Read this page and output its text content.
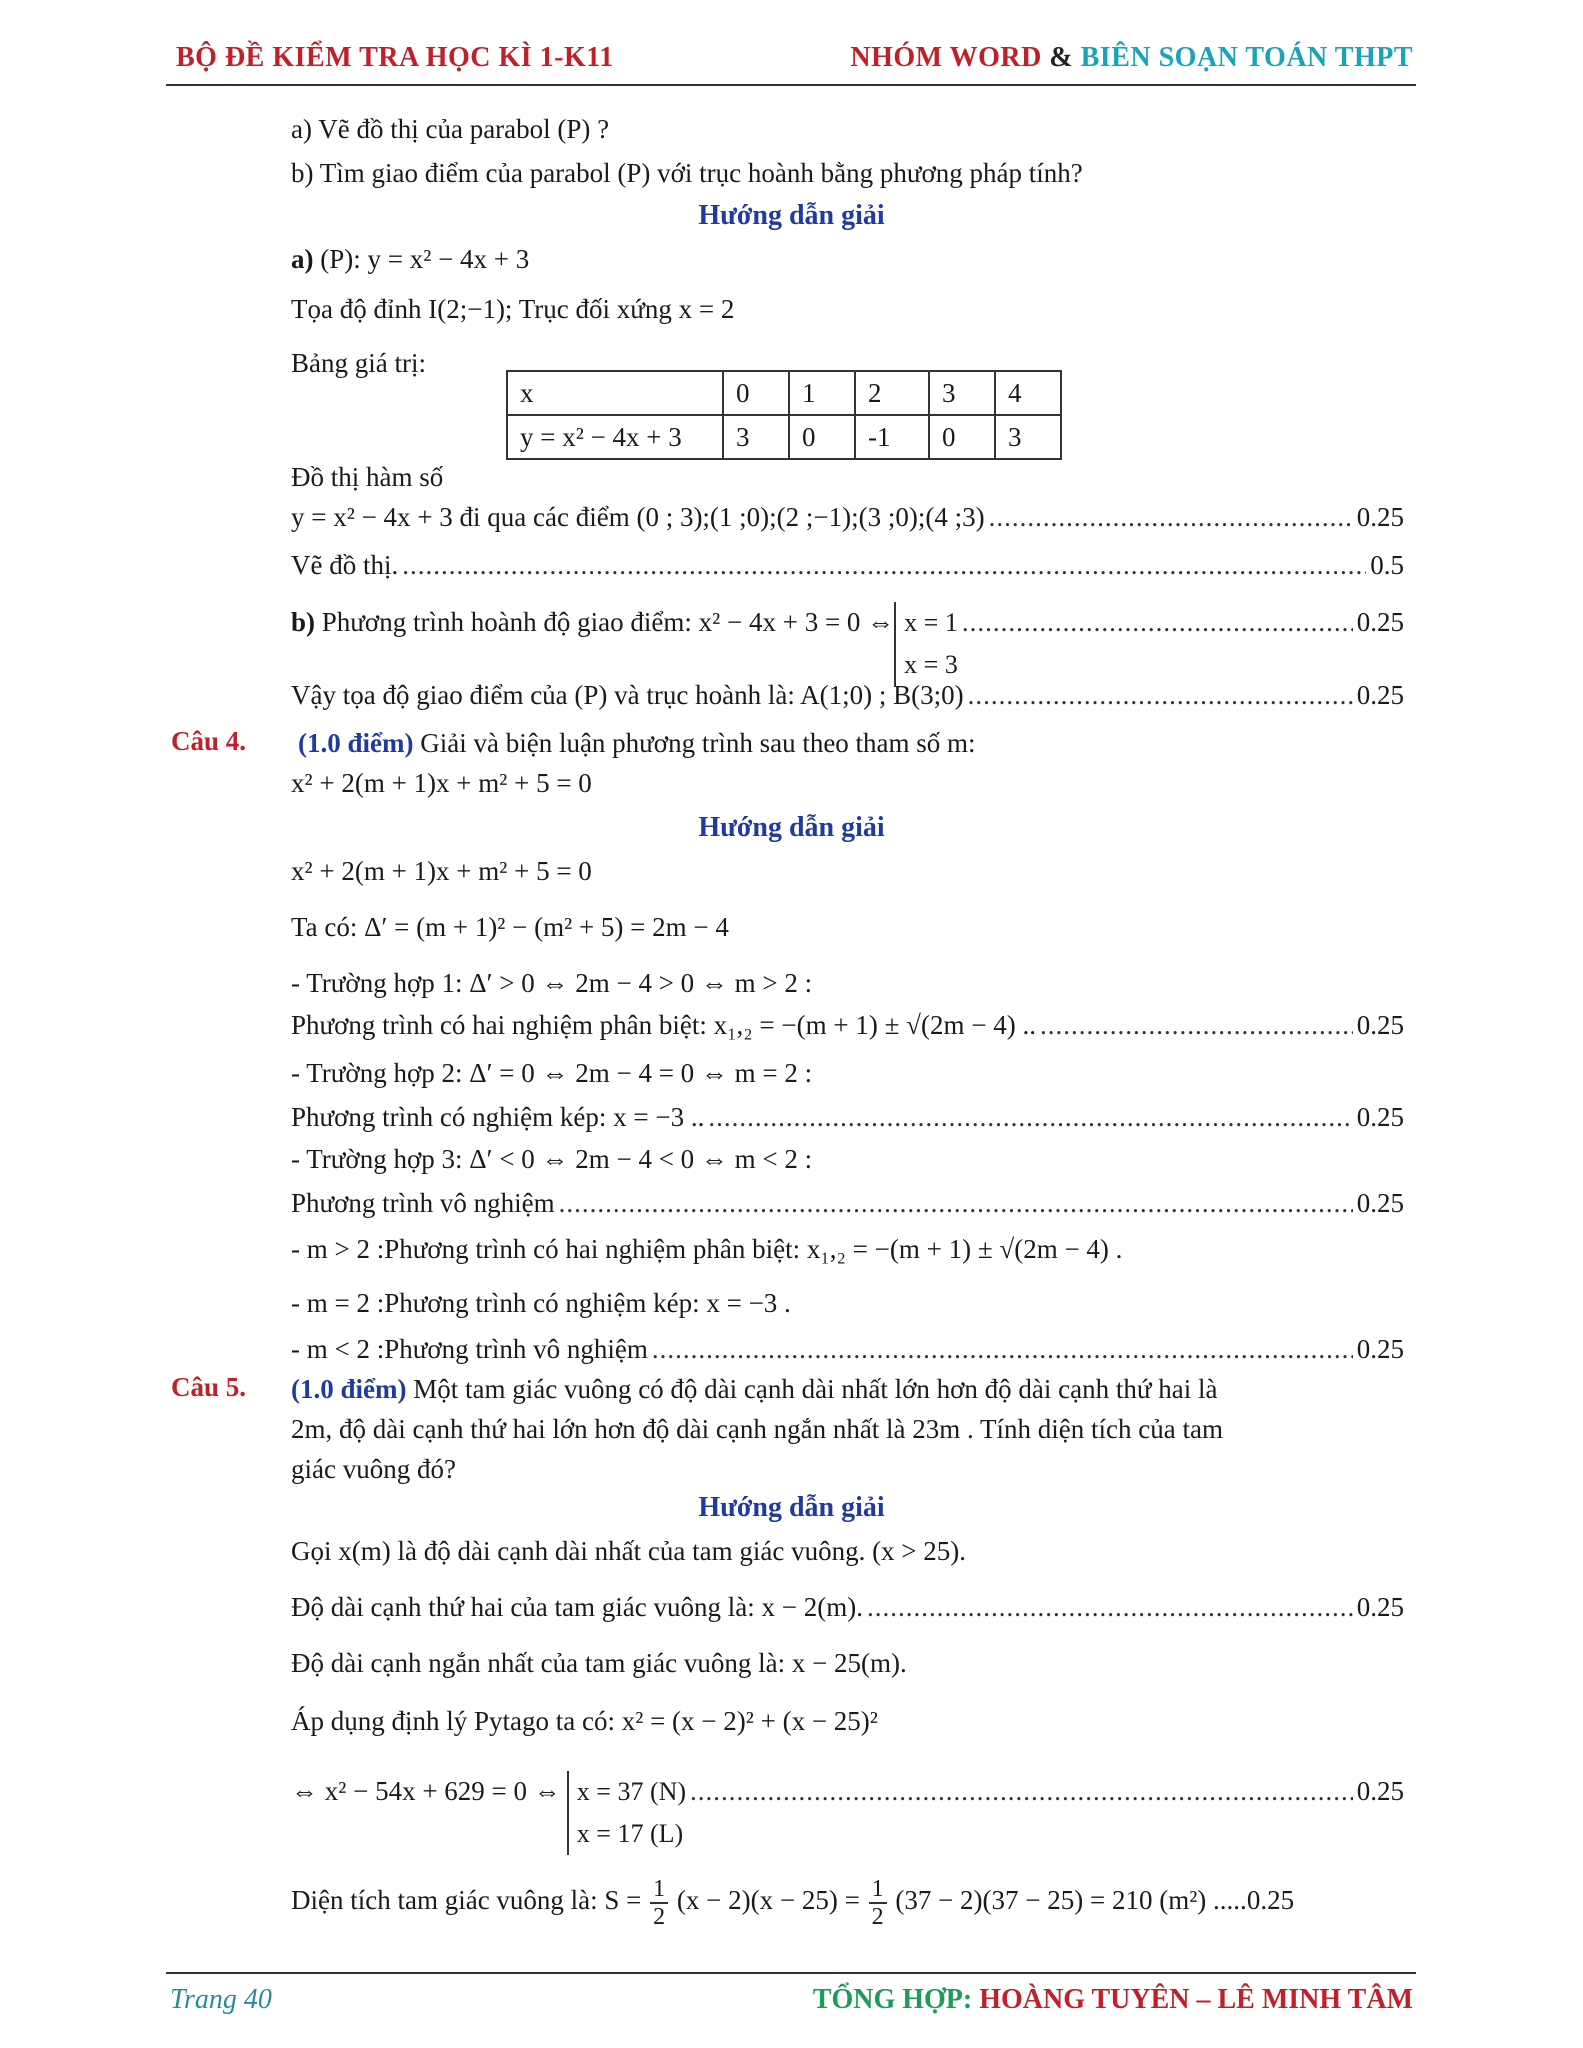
BỘ ĐỀ KIỂM TRA HỌC KÌ 1-K11	NHÓM WORD & BIÊN SOẠN TOÁN THPT
a) Vẽ đồ thị của parabol (P) ?
b) Tìm giao điểm của parabol (P) với trục hoành bằng phương pháp tính?
Hướng dẫn giải
a) (P): y = x² − 4x + 3
Tọa độ đỉnh I(2;−1); Trục đối xứng x = 2
Bảng giá trị:
x	0	1	2	3	4
y = x² − 4x + 3	3	0	-1	0	3
Đồ thị hàm số
y = x² − 4x + 3 đi qua các điểm (0 ; 3);(1 ;0);(2 ;−1);(3 ;0);(4 ;3) .....	0.25
Vẽ đồ thị. .....	0.5
b) Phương trình hoành độ giao điểm: x² − 4x + 3 = 0 ⇔ x = 1
x = 3
.....
0.25
Vậy tọa độ giao điểm của (P) và trục hoành là: A(1;0) ; B(3;0) .....	0.25
Câu 4. (1.0 điểm) Giải và biện luận phương trình sau theo tham số m:
x² + 2(m + 1)x + m² + 5 = 0
Hướng dẫn giải
x² + 2(m + 1)x + m² + 5 = 0
Ta có: Δ′ = (m + 1)² − (m² + 5) = 2m − 4
- Trường hợp 1: Δ′ > 0 ⇔ 2m − 4 > 0 ⇔ m > 2 :
Phương trình có hai nghiệm phân biệt: x₁,₂ = −(m + 1) ± √(2m − 4) .. .....	0.25
- Trường hợp 2: Δ′ = 0 ⇔ 2m − 4 = 0 ⇔ m = 2 :
Phương trình có nghiệm kép: x = −3 .. .....	0.25
- Trường hợp 3: Δ′ < 0 ⇔ 2m − 4 < 0 ⇔ m < 2 :
Phương trình vô nghiệm .....	0.25
- m > 2 :Phương trình có hai nghiệm phân biệt: x₁,₂ = −(m + 1) ± √(2m − 4) .
- m = 2 :Phương trình có nghiệm kép: x = −3 .
- m < 2 :Phương trình vô nghiệm .....	0.25
Câu 5. (1.0 điểm) Một tam giác vuông có độ dài cạnh dài nhất lớn hơn độ dài cạnh thứ hai là
2m, độ dài cạnh thứ hai lớn hơn độ dài cạnh ngắn nhất là 23m . Tính diện tích của tam
giác vuông đó?
Hướng dẫn giải
Gọi x(m) là độ dài cạnh dài nhất của tam giác vuông. (x > 25).
Độ dài cạnh thứ hai của tam giác vuông là: x − 2(m). .....	0.25
Độ dài cạnh ngắn nhất của tam giác vuông là: x − 25(m).
Áp dụng định lý Pytago ta có: x² = (x − 2)² + (x − 25)²
⇔ x² − 54x + 629 = 0 ⇔ x = 37 (N)
x = 17 (L)
.....
0.25
Diện tích tam giác vuông là: $S = \frac{1}{2} (x - 2)(x - 25) = \frac{1}{2} (37 - 2)(37 - 25) = 210$ (m²) .....0.25
Trang 40	TỔNG HỢP: HOÀNG TUYÊN – LÊ MINH TÂM
